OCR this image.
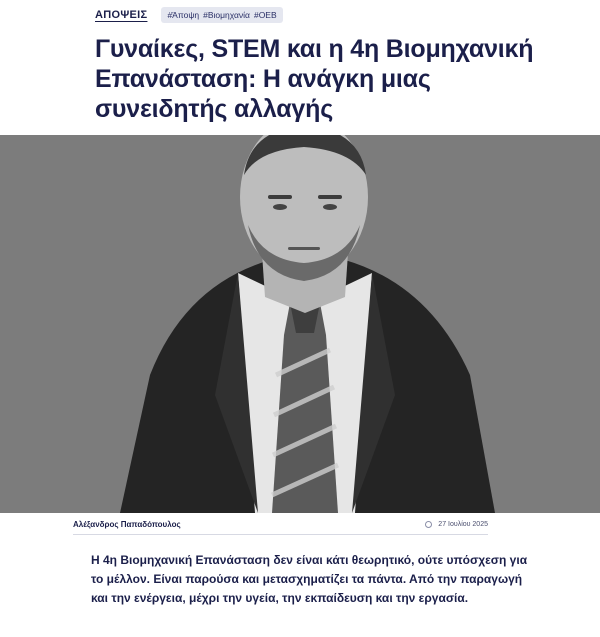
ΑΠΟΨΕΙΣ #Άποψη #Βιομηχανία #ΟΕΒ
Γυναίκες, STEM και η 4η Βιομηχανική Επανάσταση: Η ανάγκη μιας συνειδητής αλλαγής
Αλέξανδρος Παπαδόπουλος	27 Ιουλίου 2025

Η 4η Βιομηχανική Επανάσταση δεν είναι κάτι θεωρητικό, ούτε υπόσχεση για το μέλλον. Είναι παρούσα και μετασχηματίζει τα πάντα. Από την παραγωγή και την ενέργεια, μέχρι την υγεία, την εκπαίδευση και την εργασία.
